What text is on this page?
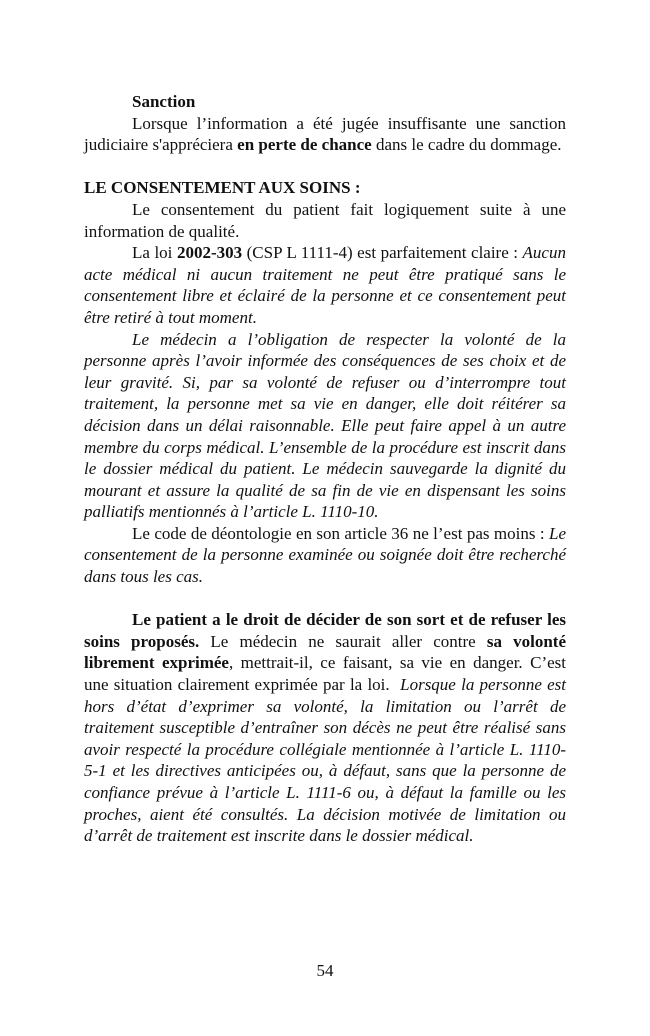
Sanction

Lorsque l’information a été jugée insuffisante une sanction judiciaire s'appréciera en perte de chance dans le cadre du dommage.

LE CONSENTEMENT AUX SOINS :

Le consentement du patient fait logiquement suite à une information de qualité.

La loi 2002-303 (CSP L 1111-4) est parfaitement claire : Aucun acte médical ni aucun traitement ne peut être pratiqué sans le consentement libre et éclairé de la personne et ce consentement peut être retiré à tout moment.

Le médecin a l’obligation de respecter la volonté de la personne après l’avoir informée des conséquences de ses choix et de leur gravité. Si, par sa volonté de refuser ou d’interrompre tout traitement, la personne met sa vie en danger, elle doit réitérer sa décision dans un délai raisonnable. Elle peut faire appel à un autre membre du corps médical. L’ensemble de la procédure est inscrit dans le dossier médical du patient. Le médecin sauvegarde la dignité du mourant et assure la qualité de sa fin de vie en dispensant les soins palliatifs mentionnés à l’article L. 1110-10.

Le code de déontologie en son article 36 ne l’est pas moins : Le consentement de la personne examinée ou soignée doit être recherché dans tous les cas.

Le patient a le droit de décider de son sort et de refuser les soins proposés. Le médecin ne saurait aller contre sa volonté librement exprimée, mettrait-il, ce faisant, sa vie en danger. C’est une situation clairement exprimée par la loi.  Lorsque la personne est hors d’état d’exprimer sa volonté, la limitation ou l’arrêt de traitement susceptible d’entraîner son décès ne peut être réalisé sans avoir respecté la procédure collégiale mentionnée à l’article L. 1110-5-1 et les directives anticipées ou, à défaut, sans que la personne de confiance prévue à l’article L. 1111-6 ou, à défaut la famille ou les proches, aient été consultés. La décision motivée de limitation ou d’arrêt de traitement est inscrite dans le dossier médical.

54
